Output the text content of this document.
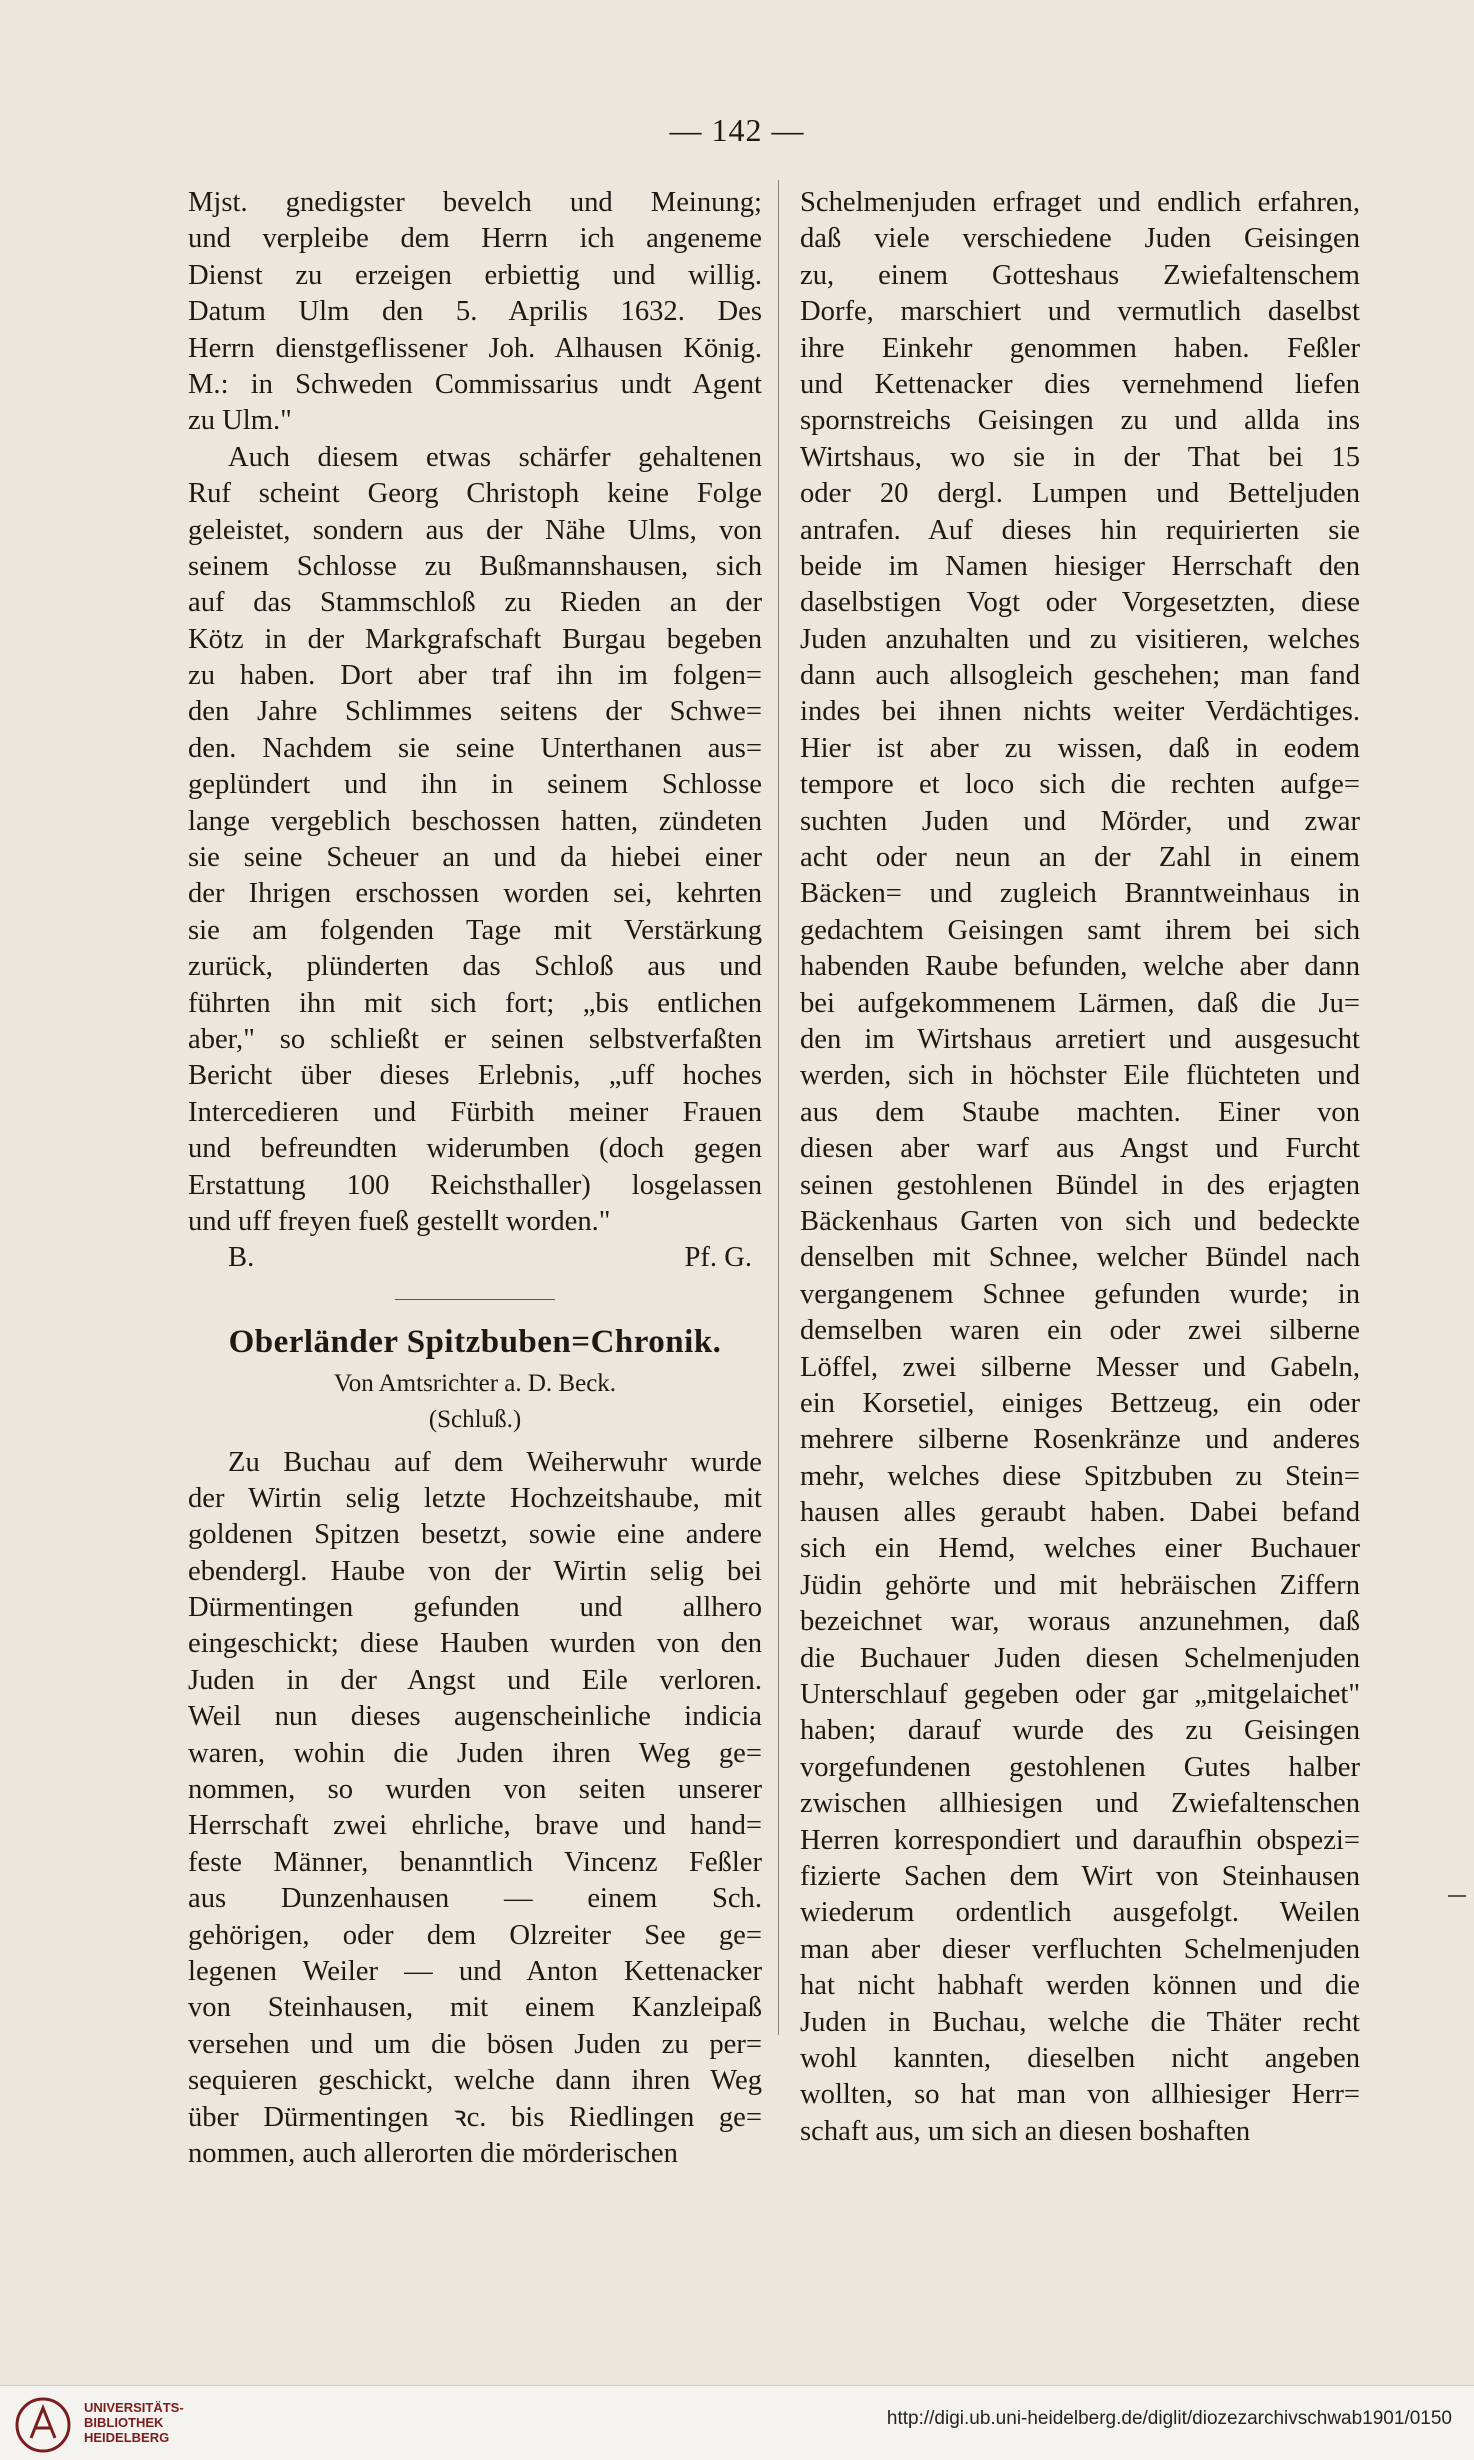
— 142 —
Mjst. gnedigster bevelch und Meinung;
und verpleibe dem Herrn ich angeneme
Dienst zu erzeigen erbiettig und willig.
Datum Ulm den 5. Aprilis 1632. Des
Herrn dienstgeflissener Joh. Alhausen König.
M.: in Schweden Commissarius undt Agent
zu Ulm."
Auch diesem etwas schärfer gehaltenen
Ruf scheint Georg Christoph keine Folge
geleistet, sondern aus der Nähe Ulms, von
seinem Schlosse zu Bußmannshausen, sich
auf das Stammschloß zu Rieden an der
Kötz in der Markgrafschaft Burgau begeben
zu haben. Dort aber traf ihn im folgen=
den Jahre Schlimmes seitens der Schwe=
den. Nachdem sie seine Unterthanen aus=
geplündert und ihn in seinem Schlosse
lange vergeblich beschossen hatten, zündeten
sie seine Scheuer an und da hiebei einer
der Ihrigen erschossen worden sei, kehrten
sie am folgenden Tage mit Verstärkung
zurück, plünderten das Schloß aus und
führten ihn mit sich fort; „bis entlichen
aber," so schließt er seinen selbstverfaßten
Bericht über dieses Erlebnis, „uff hoches
Intercedieren und Fürbith meiner Frauen
und befreundten widerumben (doch gegen
Erstattung 100 Reichsthaller) losgelassen
und uff freyen fueß gestellt worden."
B.	Pf. G.
Oberländer Spitzbuben=Chronik.
Von Amtsrichter a. D. Beck.
(Schluß.)
Zu Buchau auf dem Weiherwuhr wurde
der Wirtin selig letzte Hochzeitshaube, mit
goldenen Spitzen besetzt, sowie eine andere
ebendergl. Haube von der Wirtin selig bei
Dürmentingen gefunden und allhero
eingeschickt; diese Hauben wurden von den
Juden in der Angst und Eile verloren.
Weil nun dieses augenscheinliche indicia
waren, wohin die Juden ihren Weg ge=
nommen, so wurden von seiten unserer
Herrschaft zwei ehrliche, brave und hand=
feste Männer, benanntlich Vincenz Feßler
aus Dunzenhausen — einem Sch.
gehörigen, oder dem Olzreiter See ge=
legenen Weiler — und Anton Kettenacker
von Steinhausen, mit einem Kanzleipaß
versehen und um die bösen Juden zu per=
sequieren geschickt, welche dann ihren Weg
über Dürmentingen ꝛc. bis Riedlingen ge=
nommen, auch allerorten die mörderischen
Schelmenjuden erfraget und endlich erfahren,
daß viele verschiedene Juden Geisingen
zu, einem Gotteshaus Zwiefaltenschem
Dorfe, marschiert und vermutlich daselbst
ihre Einkehr genommen haben. Feßler
und Kettenacker dies vernehmend liefen
spornstreichs Geisingen zu und allda ins
Wirtshaus, wo sie in der That bei 15
oder 20 dergl. Lumpen und Betteljuden
antrafen. Auf dieses hin requirierten sie
beide im Namen hiesiger Herrschaft den
daselbstigen Vogt oder Vorgesetzten, diese
Juden anzuhalten und zu visitieren, welches
dann auch allsogleich geschehen; man fand
indes bei ihnen nichts weiter Verdächtiges.
Hier ist aber zu wissen, daß in eodem
tempore et loco sich die rechten aufge=
suchten Juden und Mörder, und zwar
acht oder neun an der Zahl in einem
Bäcken= und zugleich Branntweinhaus in
gedachtem Geisingen samt ihrem bei sich
habenden Raube befunden, welche aber dann
bei aufgekommenem Lärmen, daß die Ju=
den im Wirtshaus arretiert und ausgesucht
werden, sich in höchster Eile flüchteten und
aus dem Staube machten. Einer von
diesen aber warf aus Angst und Furcht
seinen gestohlenen Bündel in des erjagten
Bäckenhaus Garten von sich und bedeckte
denselben mit Schnee, welcher Bündel nach
vergangenem Schnee gefunden wurde; in
demselben waren ein oder zwei silberne
Löffel, zwei silberne Messer und Gabeln,
ein Korsetiel, einiges Bettzeug, ein oder
mehrere silberne Rosenkränze und anderes
mehr, welches diese Spitzbuben zu Stein=
hausen alles geraubt haben. Dabei befand
sich ein Hemd, welches einer Buchauer
Jüdin gehörte und mit hebräischen Ziffern
bezeichnet war, woraus anzunehmen, daß
die Buchauer Juden diesen Schelmenjuden
Unterschlauf gegeben oder gar „mitgelaichet"
haben; darauf wurde des zu Geisingen
vorgefundenen gestohlenen Gutes halber
zwischen allhiesigen und Zwiefaltenschen
Herren korrespondiert und daraufhin obspezi=
fizierte Sachen dem Wirt von Steinhausen
wiederum ordentlich ausgefolgt. Weilen
man aber dieser verfluchten Schelmenjuden
hat nicht habhaft werden können und die
Juden in Buchau, welche die Thäter recht
wohl kannten, dieselben nicht angeben
wollten, so hat man von allhiesiger Herr=
schaft aus, um sich an diesen boshaften
UNIVERSITÄTS-
BIBLIOTHEK
HEIDELBERG
http://digi.ub.uni-heidelberg.de/diglit/diozezarchivschwab1901/0150
